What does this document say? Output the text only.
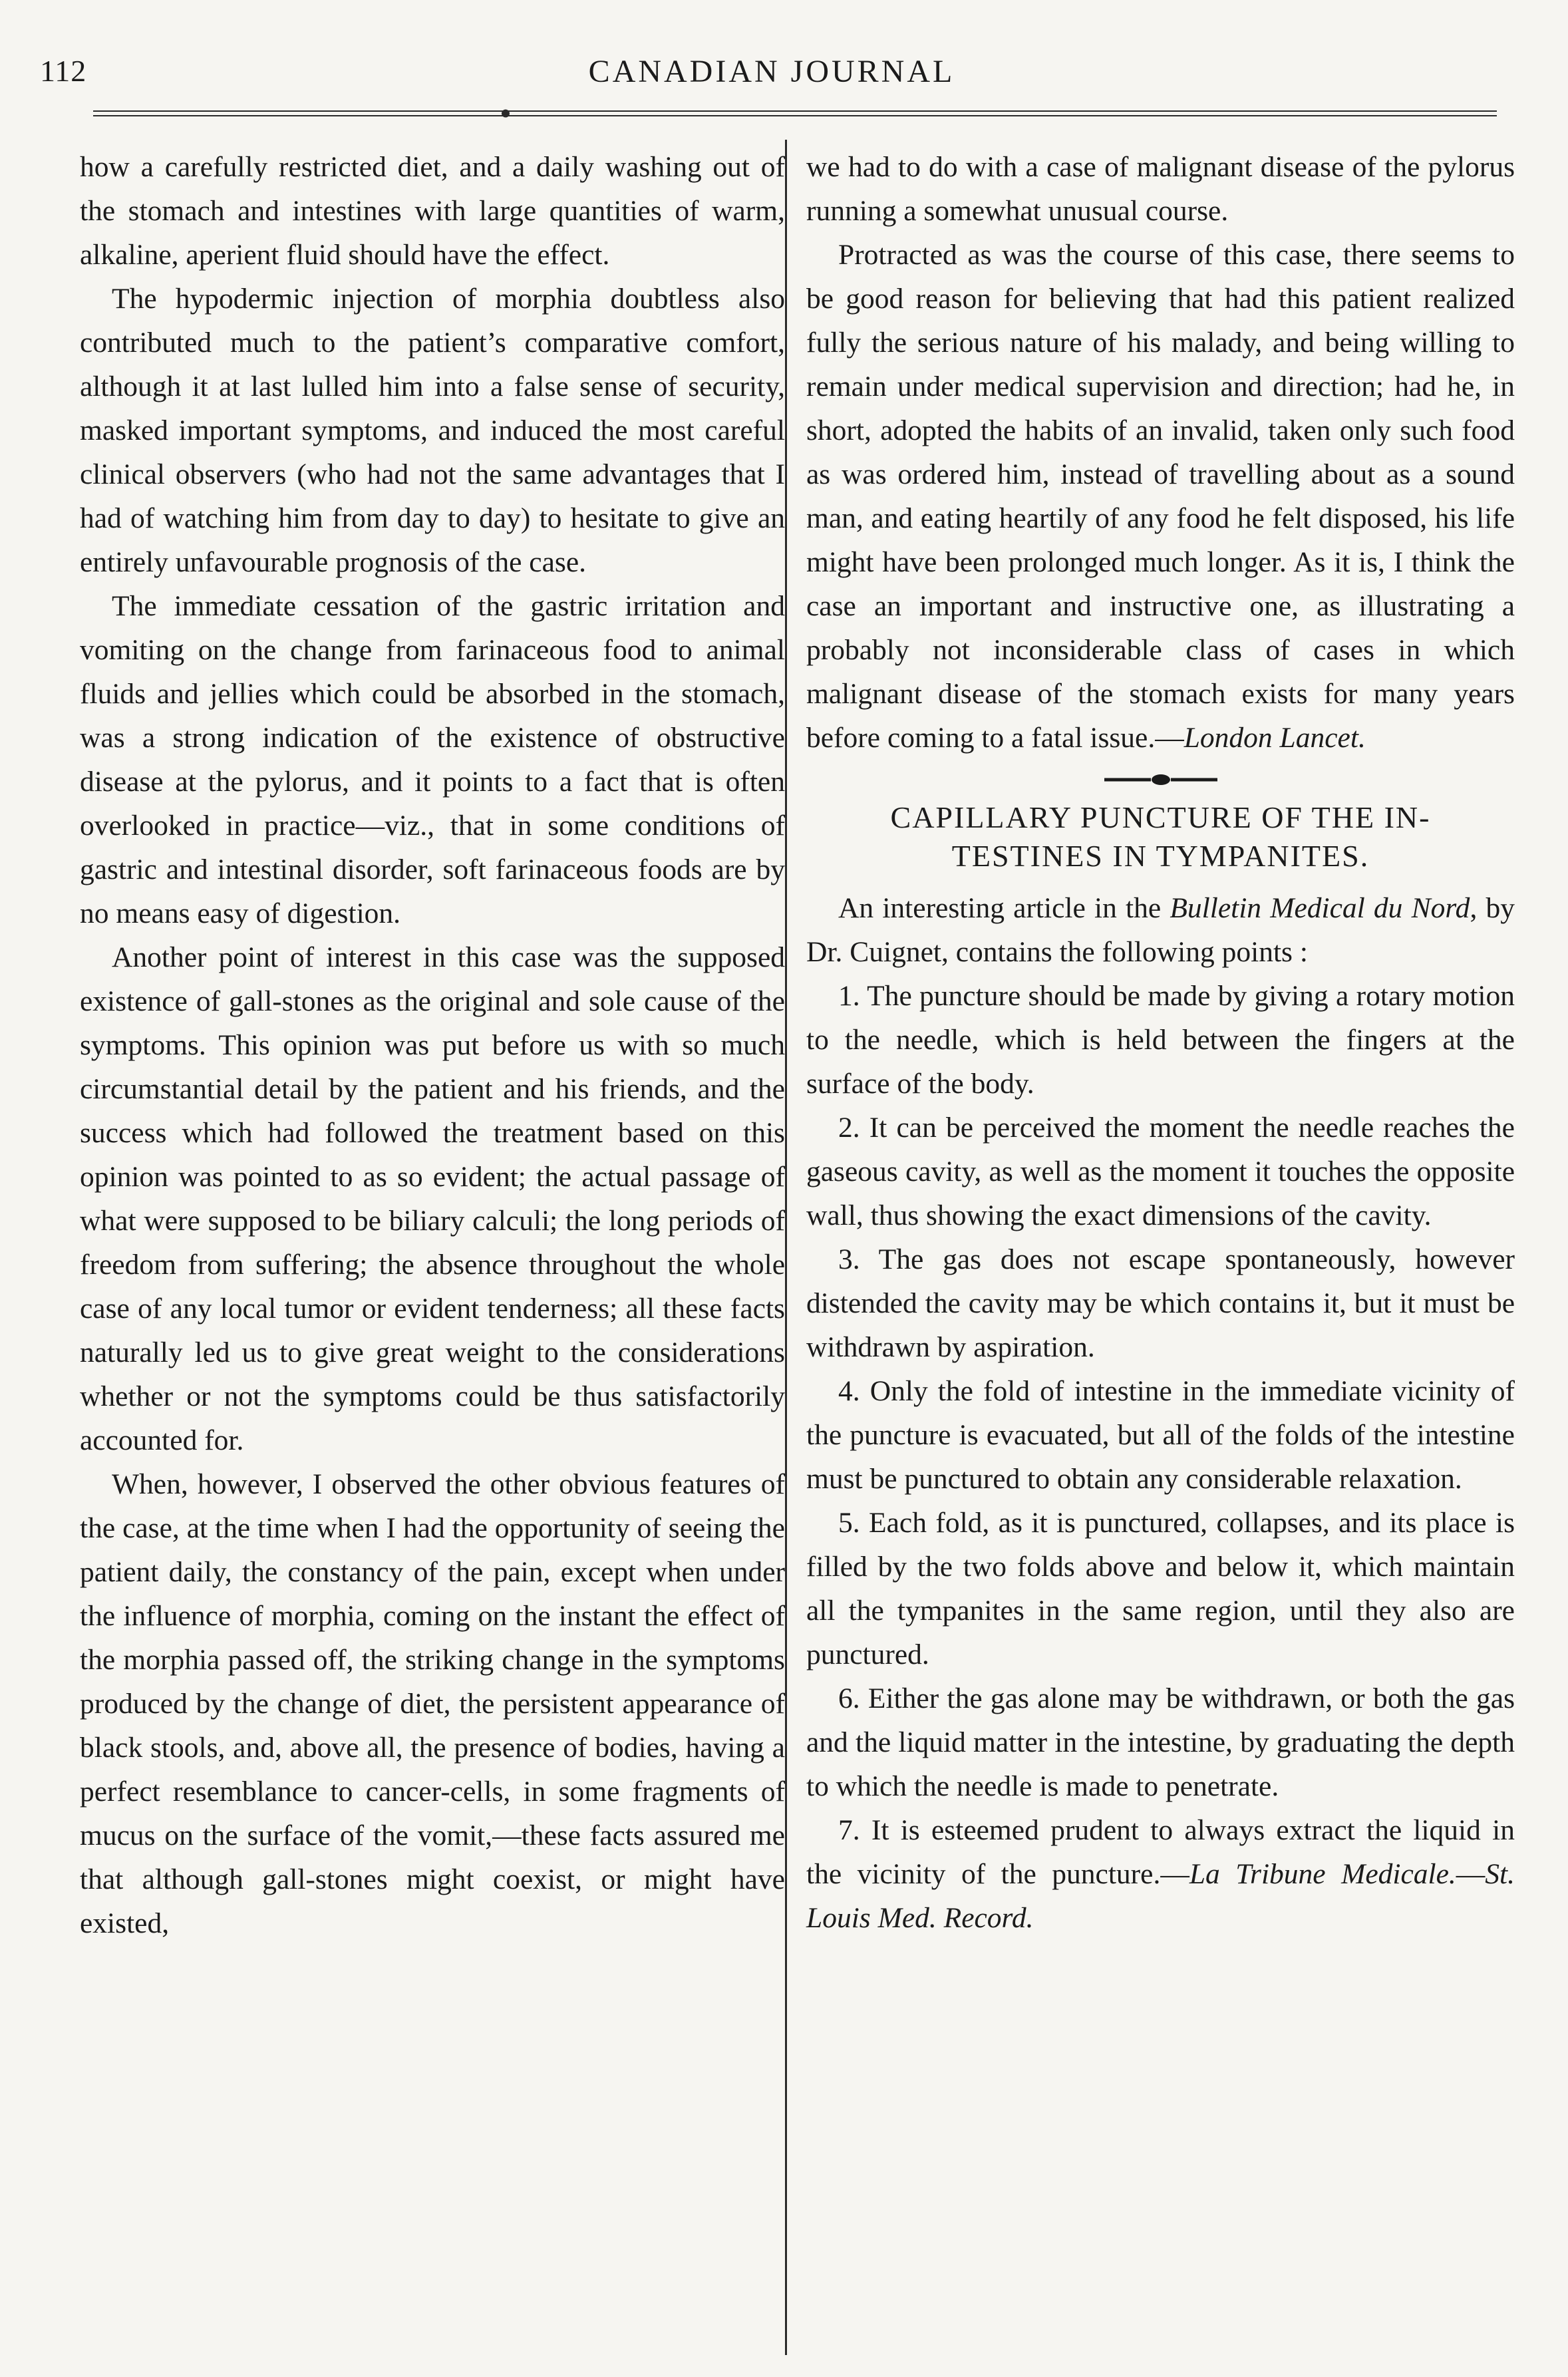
112	CANADIAN JOURNAL

how a carefully restricted diet, and a daily washing out of the stomach and intestines with large quantities of warm, alkaline, aperient fluid should have the effect.

The hypodermic injection of morphia doubtless also contributed much to the patient’s comparative comfort, although it at last lulled him into a false sense of security, masked important symptoms, and induced the most careful clinical observers (who had not the same advantages that I had of watching him from day to day) to hesitate to give an entirely unfavourable prognosis of the case.

The immediate cessation of the gastric irritation and vomiting on the change from farinaceous food to animal fluids and jellies which could be absorbed in the stomach, was a strong indication of the existence of obstructive disease at the pylorus, and it points to a fact that is often overlooked in practice—viz., that in some conditions of gastric and intestinal disorder, soft farinaceous foods are by no means easy of digestion.

Another point of interest in this case was the supposed existence of gall-stones as the original and sole cause of the symptoms. This opinion was put before us with so much circumstantial detail by the patient and his friends, and the success which had followed the treatment based on this opinion was pointed to as so evident; the actual passage of what were supposed to be biliary calculi; the long periods of freedom from suffering; the absence throughout the whole case of any local tumor or evident tenderness; all these facts naturally led us to give great weight to the considerations whether or not the symptoms could be thus satisfactorily accounted for.

When, however, I observed the other obvious features of the case, at the time when I had the opportunity of seeing the patient daily, the constancy of the pain, except when under the influence of morphia, coming on the instant the effect of the morphia passed off, the striking change in the symptoms produced by the change of diet, the persistent appearance of black stools, and, above all, the presence of bodies, having a perfect resemblance to cancer-cells, in some fragments of mucus on the surface of the vomit,—these facts assured me that although gall-stones might coexist, or might have existed,

we had to do with a case of malignant disease of the pylorus running a somewhat unusual course.

Protracted as was the course of this case, there seems to be good reason for believing that had this patient realized fully the serious nature of his malady, and being willing to remain under medical supervision and direction; had he, in short, adopted the habits of an invalid, taken only such food as was ordered him, instead of travelling about as a sound man, and eating heartily of any food he felt disposed, his life might have been prolonged much longer. As it is, I think the case an important and instructive one, as illustrating a probably not inconsiderable class of cases in which malignant disease of the stomach exists for many years before coming to a fatal issue.—London Lancet.

CAPILLARY PUNCTURE OF THE IN-
TESTINES IN TYMPANITES.

An interesting article in the Bulletin Medical du Nord, by Dr. Cuignet, contains the following points :

1. The puncture should be made by giving a rotary motion to the needle, which is held between the fingers at the surface of the body.

2. It can be perceived the moment the needle reaches the gaseous cavity, as well as the moment it touches the opposite wall, thus showing the exact dimensions of the cavity.

3. The gas does not escape spontaneously, however distended the cavity may be which contains it, but it must be withdrawn by aspiration.

4. Only the fold of intestine in the immediate vicinity of the puncture is evacuated, but all of the folds of the intestine must be punctured to obtain any considerable relaxation.

5. Each fold, as it is punctured, collapses, and its place is filled by the two folds above and below it, which maintain all the tympanites in the same region, until they also are punctured.

6. Either the gas alone may be withdrawn, or both the gas and the liquid matter in the intestine, by graduating the depth to which the needle is made to penetrate.

7. It is esteemed prudent to always extract the liquid in the vicinity of the puncture.—La Tribune Medicale.—St. Louis Med. Record.
